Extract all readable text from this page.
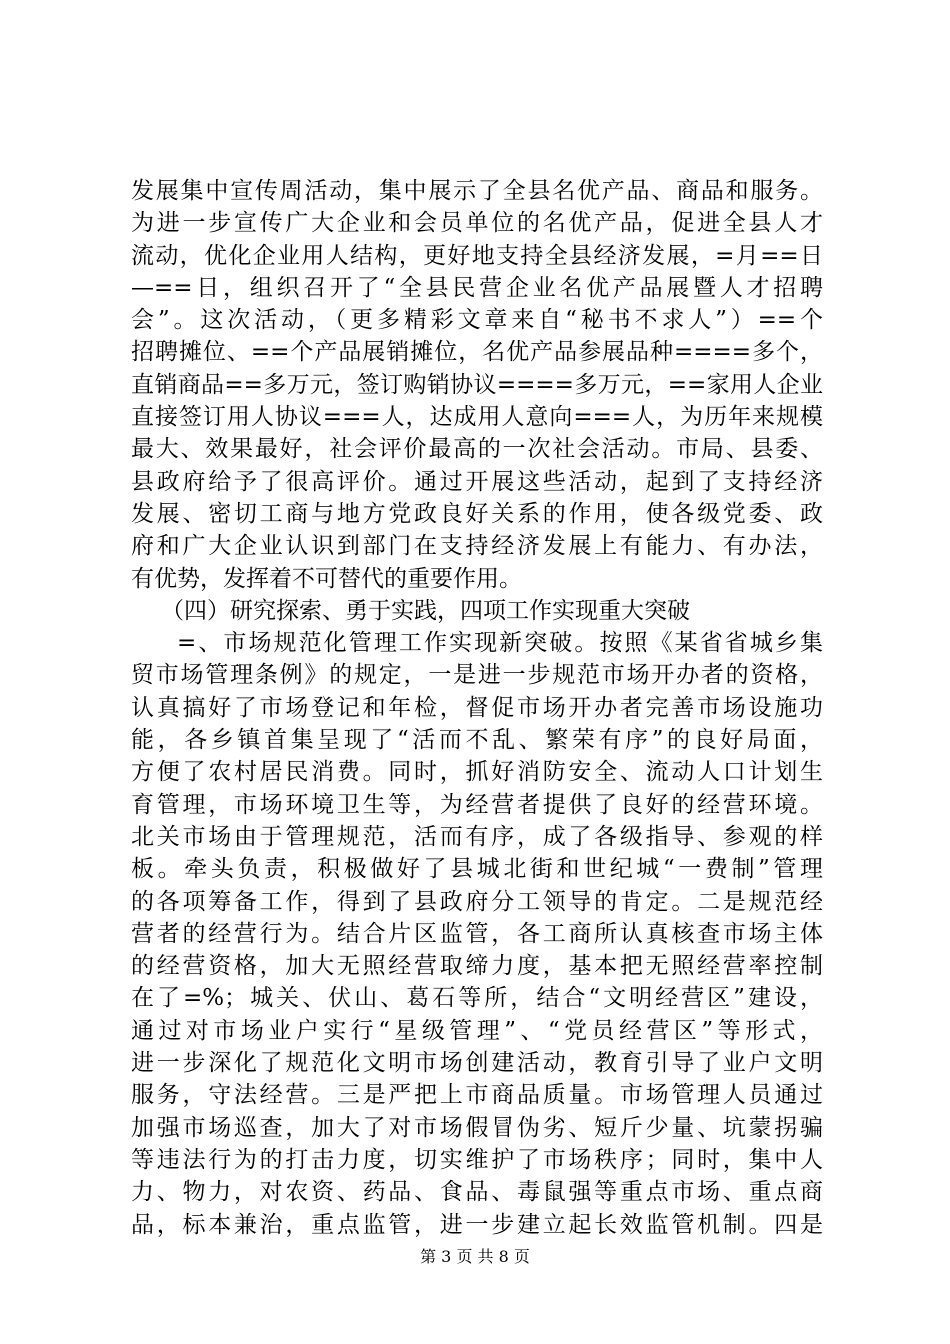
发展集中宣传周活动，集中展示了全县名优产品、商品和服务。
为进一步宣传广大企业和会员单位的名优产品，促进全县人才
流动，优化企业用人结构，更好地支持全县经济发展，=月==日
—==日，组织召开了“全县民营企业名优产品展暨人才招聘
会”。这次活动，（更多精彩文章来自“秘书不求人”）==个
招聘摊位、==个产品展销摊位，名优产品参展品种====多个，
直销商品==多万元，签订购销协议====多万元，==家用人企业
直接签订用人协议===人，达成用人意向===人，为历年来规模
最大、效果最好，社会评价最高的一次社会活动。市局、县委、
县政府给予了很高评价。通过开展这些活动，起到了支持经济
发展、密切工商与地方党政良好关系的作用，使各级党委、政
府和广大企业认识到部门在支持经济发展上有能力、有办法，
有优势，发挥着不可替代的重要作用。
（四）研究探索、勇于实践，四项工作实现重大突破
=、市场规范化管理工作实现新突破。按照《某省省城乡集
贸市场管理条例》的规定，一是进一步规范市场开办者的资格，
认真搞好了市场登记和年检，督促市场开办者完善市场设施功
能，各乡镇首集呈现了“活而不乱、繁荣有序”的良好局面，
方便了农村居民消费。同时，抓好消防安全、流动人口计划生
育管理，市场环境卫生等，为经营者提供了良好的经营环境。
北关市场由于管理规范，活而有序，成了各级指导、参观的样
板。牵头负责，积极做好了县城北街和世纪城“一费制”管理
的各项筹备工作，得到了县政府分工领导的肯定。二是规范经
营者的经营行为。结合片区监管，各工商所认真核查市场主体
的经营资格，加大无照经营取缔力度，基本把无照经营率控制
在了=%；城关、伏山、葛石等所，结合“文明经营区”建设，
通过对市场业户实行“星级管理”、“党员经营区”等形式，
进一步深化了规范化文明市场创建活动，教育引导了业户文明
服务，守法经营。三是严把上市商品质量。市场管理人员通过
加强市场巡查，加大了对市场假冒伪劣、短斤少量、坑蒙拐骗
等违法行为的打击力度，切实维护了市场秩序；同时，集中人
力、物力，对农资、药品、食品、毒鼠强等重点市场、重点商
品，标本兼治，重点监管，进一步建立起长效监管机制。四是
第 3 页 共 8 页
